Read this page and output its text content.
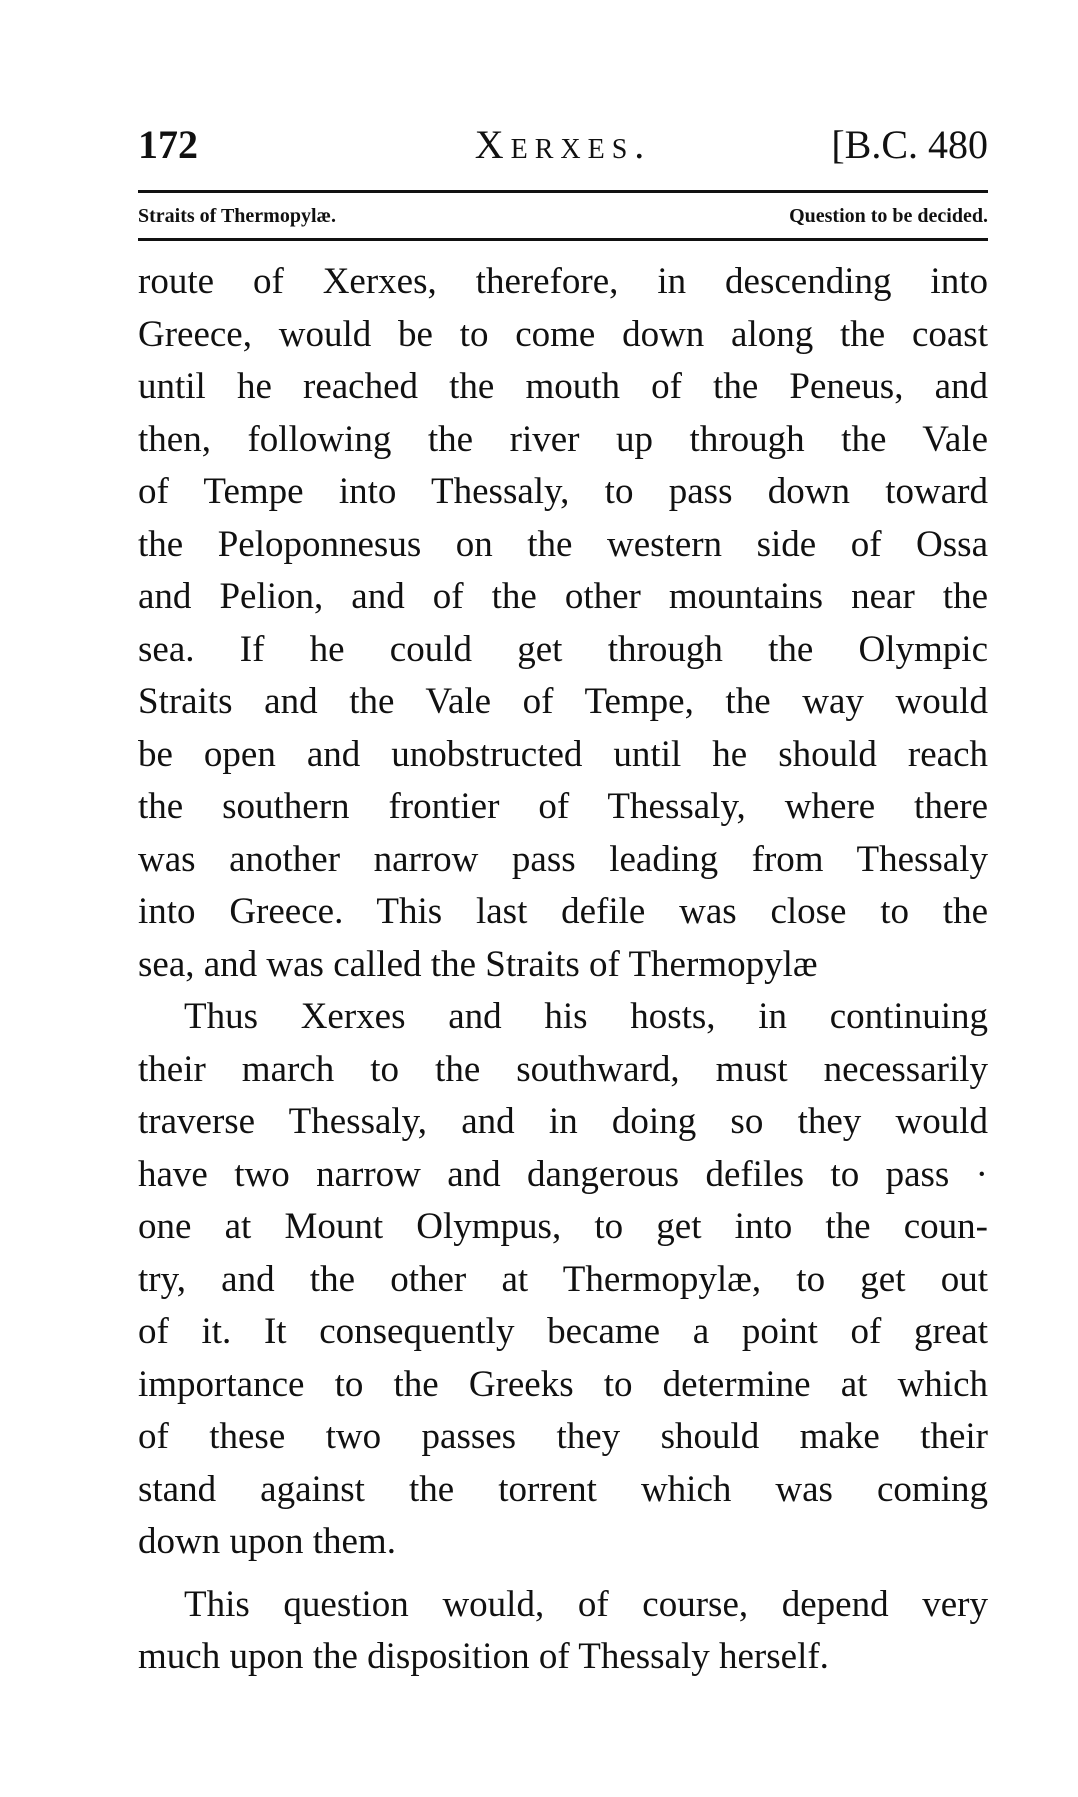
172	Xerxes.	[B.C. 480
Straits of Thermopylæ.	Question to be decided.
route of Xerxes, therefore, in descending into
Greece, would be to come down along the coast
until he reached the mouth of the Peneus, and
then, following the river up through the Vale
of Tempe into Thessaly, to pass down toward
the Peloponnesus on the western side of Ossa
and Pelion, and of the other mountains near the
sea. If he could get through the Olympic
Straits and the Vale of Tempe, the way would
be open and unobstructed until he should reach
the southern frontier of Thessaly, where there
was another narrow pass leading from Thessaly
into Greece. This last defile was close to the
sea, and was called the Straits of Thermopylæ
Thus Xerxes and his hosts, in continuing
their march to the southward, must necessarily
traverse Thessaly, and in doing so they would
have two narrow and dangerous defiles to pass ·
one at Mount Olympus, to get into the coun-
try, and the other at Thermopylæ, to get out
of it. It consequently became a point of great
importance to the Greeks to determine at which
of these two passes they should make their
stand against the torrent which was coming
down upon them.
This question would, of course, depend very
much upon the disposition of Thessaly herself.
